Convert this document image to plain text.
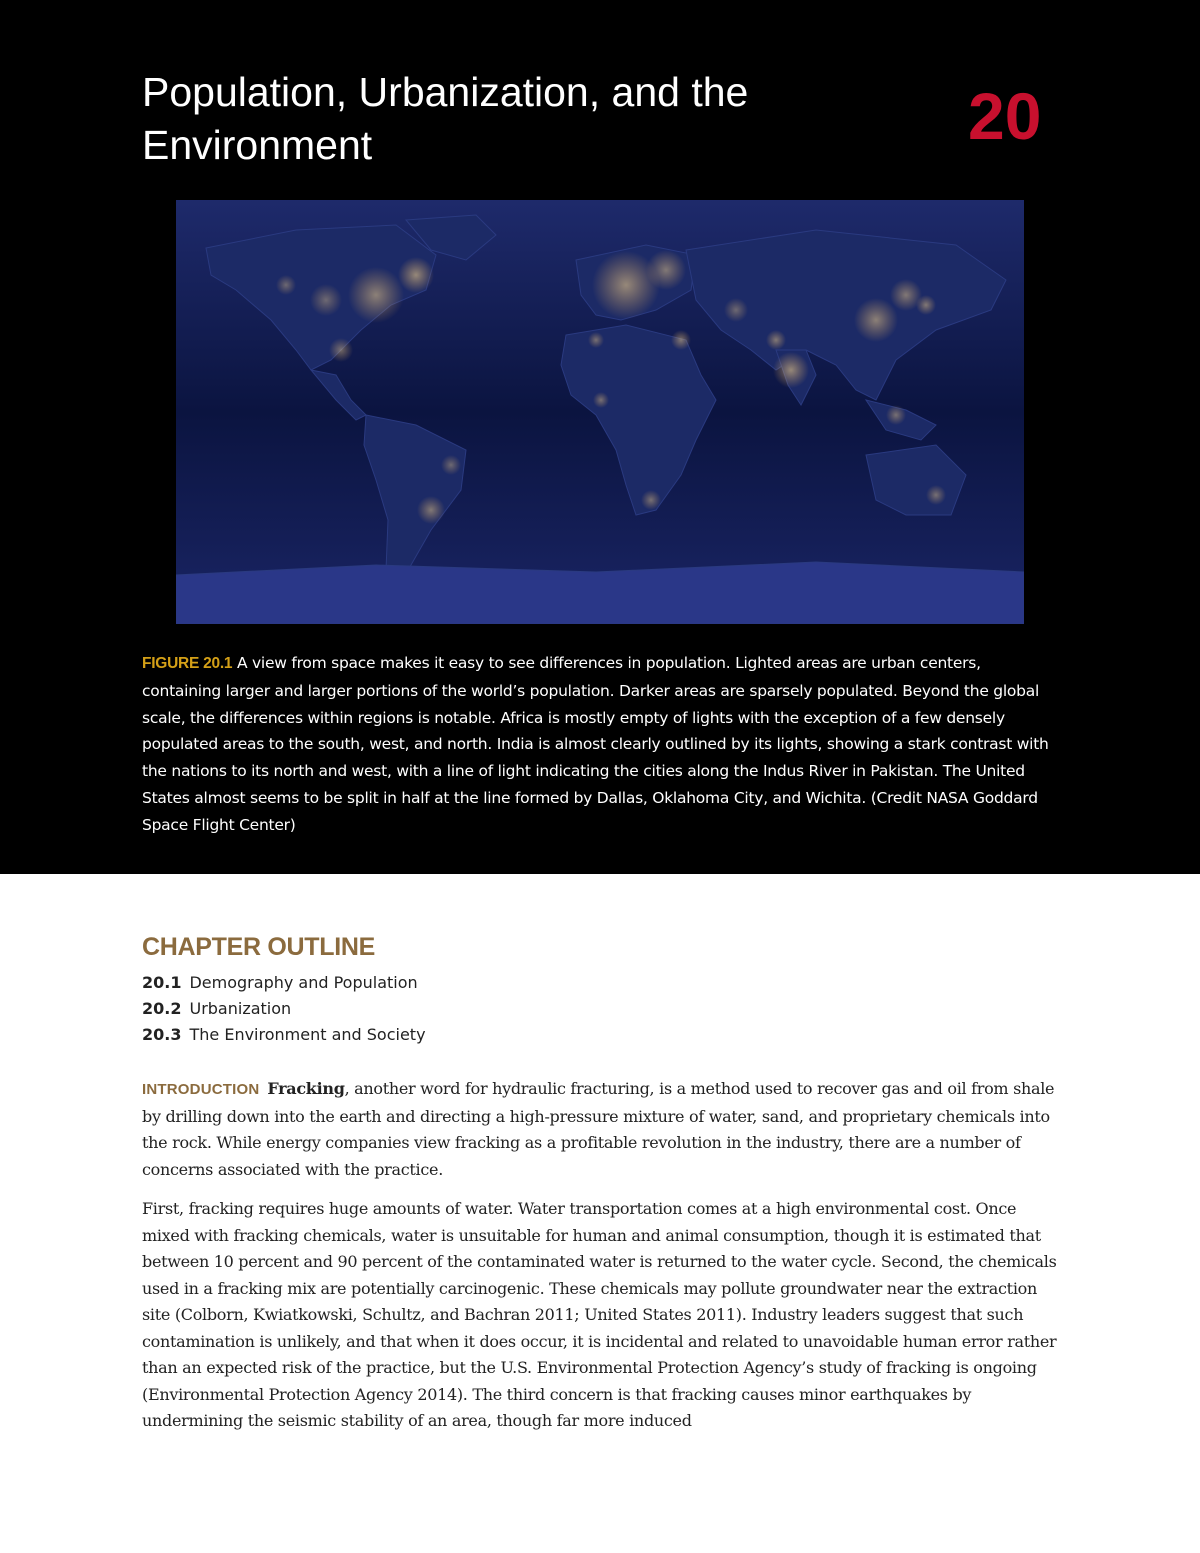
Population, Urbanization, and the Environment	20

FIGURE 20.1 A view from space makes it easy to see differences in population. Lighted areas are urban centers, containing larger and larger portions of the world’s population. Darker areas are sparsely populated. Beyond the global scale, the differences within regions is notable. Africa is mostly empty of lights with the exception of a few densely populated areas to the south, west, and north. India is almost clearly outlined by its lights, showing a stark contrast with the nations to its north and west, with a line of light indicating the cities along the Indus River in Pakistan. The United States almost seems to be split in half at the line formed by Dallas, Oklahoma City, and Wichita. (Credit NASA Goddard Space Flight Center)

CHAPTER OUTLINE
20.1 Demography and Population
20.2 Urbanization
20.3 The Environment and Society

INTRODUCTION Fracking, another word for hydraulic fracturing, is a method used to recover gas and oil from shale by drilling down into the earth and directing a high-pressure mixture of water, sand, and proprietary chemicals into the rock. While energy companies view fracking as a profitable revolution in the industry, there are a number of concerns associated with the practice.

First, fracking requires huge amounts of water. Water transportation comes at a high environmental cost. Once mixed with fracking chemicals, water is unsuitable for human and animal consumption, though it is estimated that between 10 percent and 90 percent of the contaminated water is returned to the water cycle. Second, the chemicals used in a fracking mix are potentially carcinogenic. These chemicals may pollute groundwater near the extraction site (Colborn, Kwiatkowski, Schultz, and Bachran 2011; United States 2011). Industry leaders suggest that such contamination is unlikely, and that when it does occur, it is incidental and related to unavoidable human error rather than an expected risk of the practice, but the U.S. Environmental Protection Agency’s study of fracking is ongoing (Environmental Protection Agency 2014). The third concern is that fracking causes minor earthquakes by undermining the seismic stability of an area, though far more induced
